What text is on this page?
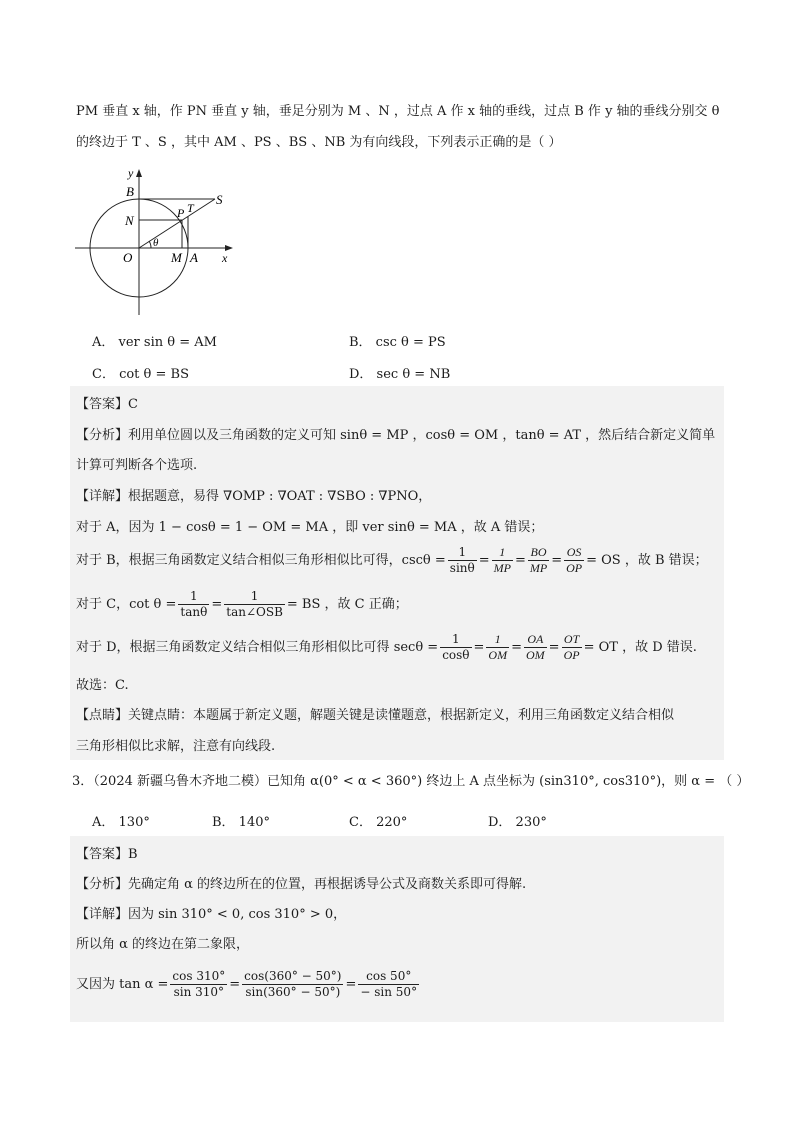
PM 垂直 x 轴，作 PN 垂直 y 轴，垂足分别为 M 、N ，过点 A 作 x 轴的垂线，过点 B 作 y 轴的垂线分别交 θ
的终边于 T 、S ，其中 AM 、PS 、BS 、NB 为有向线段，下列表示正确的是（ ）
y
x
B
S
P T
N
O	M A
θ
A． ver sin θ = AM	B． csc θ = PS
C． cot θ = BS	D． sec θ = NB
【答案】C
【分析】利用单位圆以及三角函数的定义可知 sinθ = MP ，cosθ = OM ，tanθ = AT ，然后结合新定义简单
计算可判断各个选项.
【详解】根据题意，易得 ∇OMP : ∇OAT : ∇SBO : ∇PNO，
对于 A，因为 1 − cosθ = 1 − OM = MA ，即 ver sinθ = MA ，故 A 错误；
对于 B，根据三角函数定义结合相似三角形相似比可得，$\csc\theta = \frac{1}{\sin\theta} = \frac{1}{MP} = \frac{BO}{MP} = \frac{OS}{OP}$ = OS ，故 B 错误；
对于 C，$\cot \theta = \frac{1}{\tan\theta} = \frac{1}{\text{tan∠OSB}}$ = BS ，故 C 正确；
对于 D，根据三角函数定义结合相似三角形相似比可得 $\sec\theta = \frac{1}{\cos\theta} = \frac{1}{OM} = \frac{OA}{OM} = \frac{OT}{OP}$ = OT ，故 D 错误.
故选：C.
【点睛】关键点睛：本题属于新定义题，解题关键是读懂题意，根据新定义，利用三角函数定义结合相似
三角形相似比求解，注意有向线段.
3．（2024 新疆乌鲁木齐地二模）已知角 α(0° < α < 360°) 终边上 A 点坐标为 (sin310°, cos310°)，则 α = （ ）
A． 130°	B． 140°	C． 220°	D． 230°
【答案】B
【分析】先确定角 α 的终边所在的位置，再根据诱导公式及商数关系即可得解.
【详解】因为 sin 310° < 0, cos 310° > 0，
所以角 α 的终边在第二象限，
又因为 $\tan \alpha = \frac{\cos 310^\circ}{\sin 310^\circ} = \frac{\cos(360^\circ - 50^\circ)}{\sin(360^\circ - 50^\circ)} = \frac{\cos 50^\circ}{- \sin 50^\circ}$
